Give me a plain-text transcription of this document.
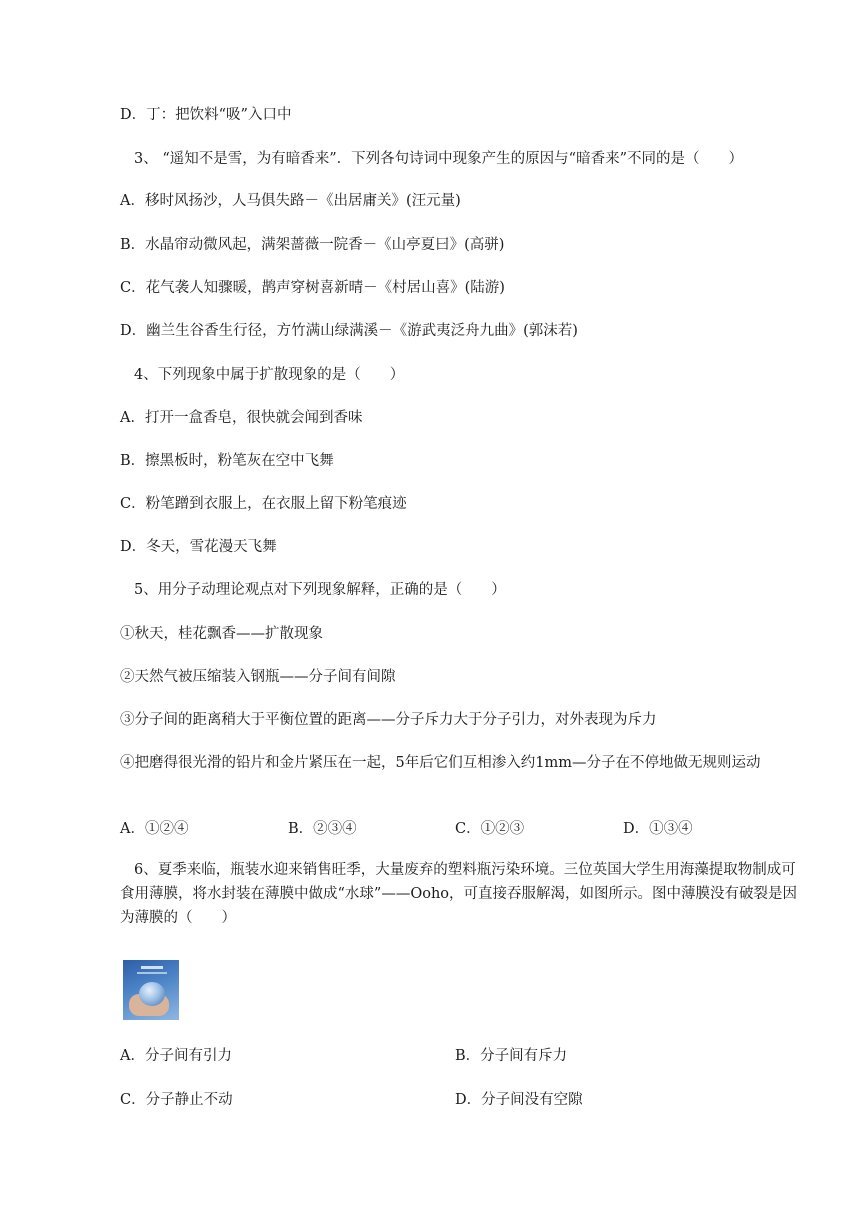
D．丁：把饮料“吸”入口中
3、 “遥知不是雪，为有暗香来”．下列各句诗词中现象产生的原因与“暗香来”不同的是（　　）
A．移时风扬沙，人马俱失路－《出居庸关》(汪元量)
B．水晶帘动微风起，满架蔷薇一院香－《山亭夏曰》(高骈)
C．花气袭人知骤暖，鹊声穿树喜新晴－《村居山喜》(陆游)
D．幽兰生谷香生行径，方竹满山绿满溪－《游武夷泛舟九曲》(郭沫若)
4、下列现象中属于扩散现象的是（　　）
A．打开一盒香皂，很快就会闻到香味
B．擦黑板时，粉笔灰在空中飞舞
C．粉笔蹭到衣服上，在衣服上留下粉笔痕迹
D．冬天，雪花漫天飞舞
5、用分子动理论观点对下列现象解释，正确的是（　　）
①秋天，桂花飘香——扩散现象
②天然气被压缩装入钢瓶——分子间有间隙
③分子间的距离稍大于平衡位置的距离——分子斥力大于分子引力，对外表现为斥力
④把磨得很光滑的铅片和金片紧压在一起，5年后它们互相渗入约1mm—分子在不停地做无规则运动
A．①②④	B．②③④	C．①②③	D．①③④
6、夏季来临，瓶装水迎来销售旺季，大量废弃的塑料瓶污染环境。三位英国大学生用海藻提取物制成可食用薄膜，将水封装在薄膜中做成“水球”——Ooho，可直接吞服解渴，如图所示。图中薄膜没有破裂是因为薄膜的（　　）
A．分子间有引力	B．分子间有斥力
C．分子静止不动	D．分子间没有空隙
